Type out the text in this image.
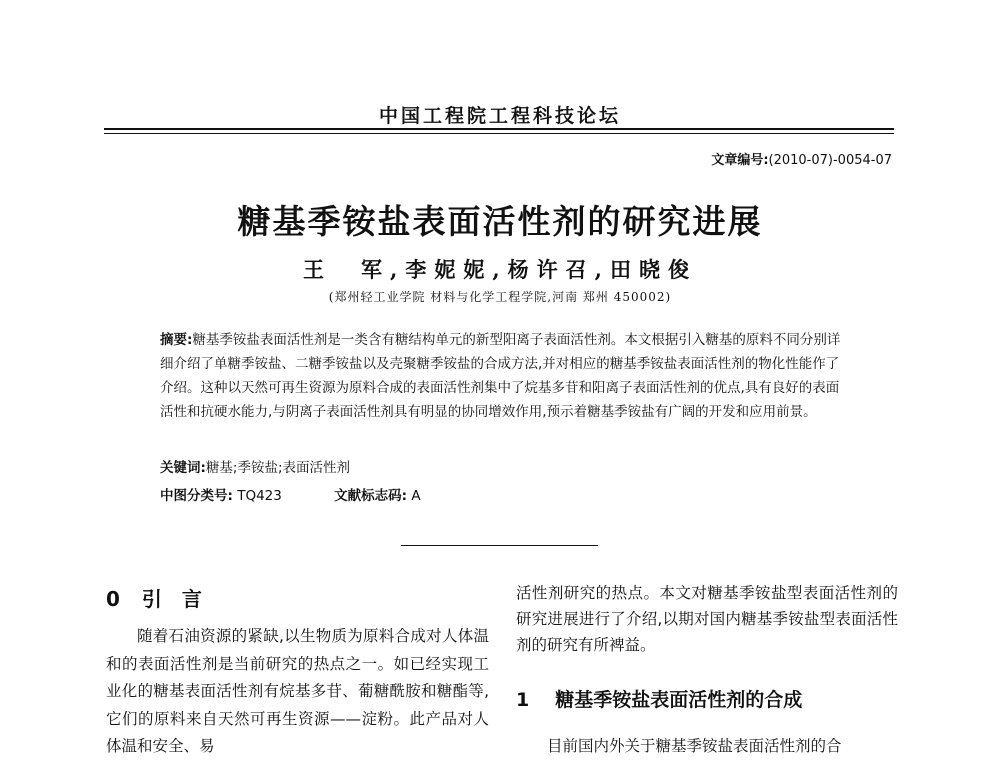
中国工程院工程科技论坛
文章编号:(2010-07)-0054-07
糖基季铵盐表面活性剂的研究进展
王　军,李妮妮,杨许召,田晓俊
(郑州轻工业学院 材料与化学工程学院,河南 郑州 450002)
摘要:糖基季铵盐表面活性剂是一类含有糖结构单元的新型阳离子表面活性剂。本文根据引入糖基的原料不同分别详细介绍了单糖季铵盐、二糖季铵盐以及壳聚糖季铵盐的合成方法,并对相应的糖基季铵盐表面活性剂的物化性能作了介绍。这种以天然可再生资源为原料合成的表面活性剂集中了烷基多苷和阳离子表面活性剂的优点,具有良好的表面活性和抗硬水能力,与阴离子表面活性剂具有明显的协同增效作用,预示着糖基季铵盐有广阔的开发和应用前景。
关键词:糖基;季铵盐;表面活性剂
中图分类号: TQ423	文献标志码: A
0 引言

随着石油资源的紧缺,以生物质为原料合成对人体温和的表面活性剂是当前研究的热点之一。如已经实现工业化的糖基表面活性剂有烷基多苷、葡糖酰胺和糖酯等,它们的原料来自天然可再生资源——淀粉。此产品对人体温和安全、易

活性剂研究的热点。本文对糖基季铵盐型表面活性剂的研究进展进行了介绍,以期对国内糖基季铵盐型表面活性剂的研究有所裨益。

1 糖基季铵盐表面活性剂的合成
目前国内外关于糖基季铵盐表面活性剂的合
